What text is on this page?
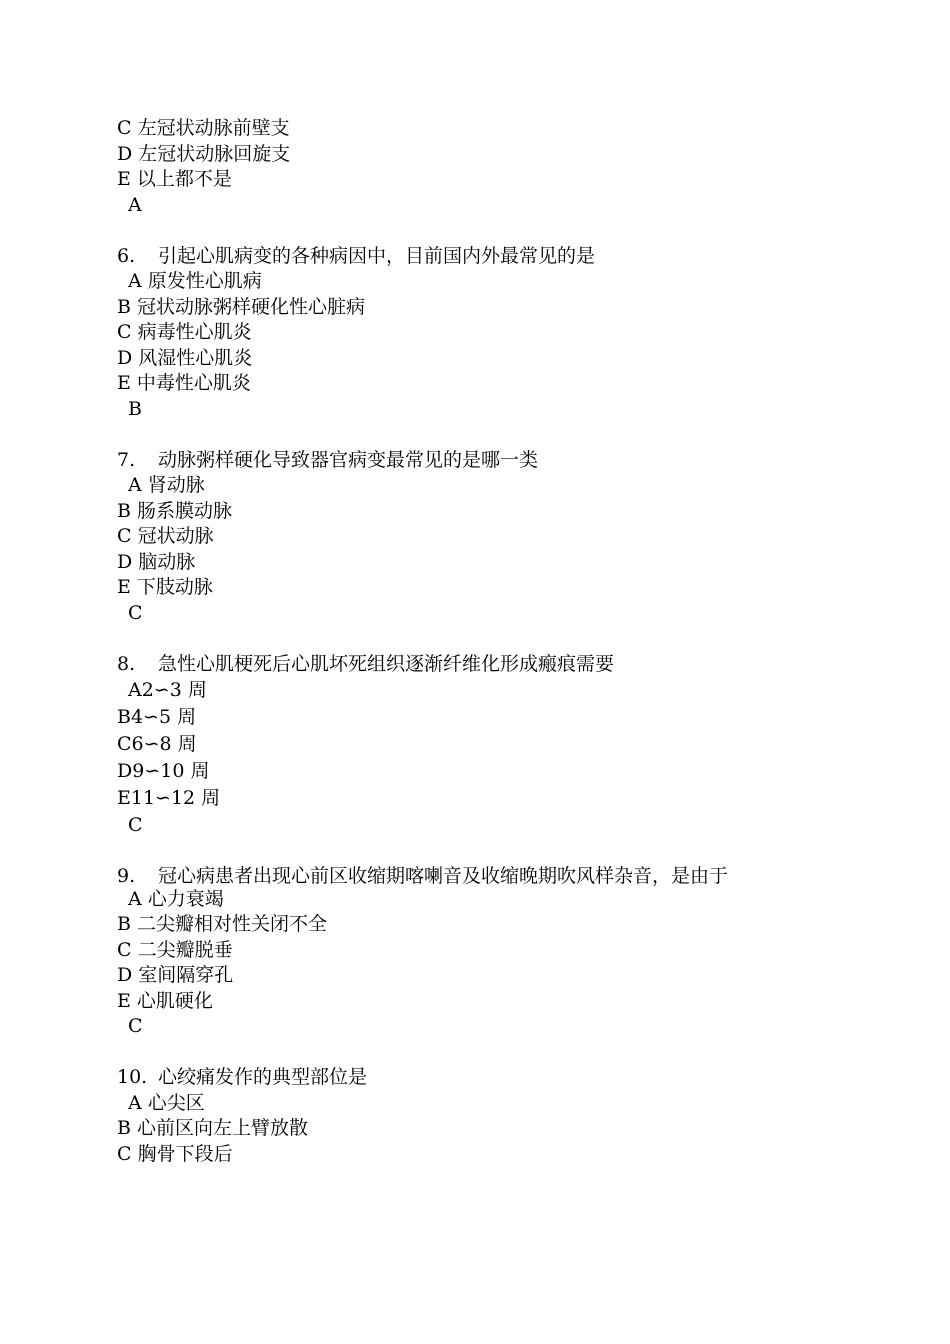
C 左冠状动脉前壁支
D 左冠状动脉回旋支
E 以上都不是
A
6. 引起心肌病变的各种病因中，目前国内外最常见的是
A 原发性心肌病
B 冠状动脉粥样硬化性心脏病
C 病毒性心肌炎
D 风湿性心肌炎
E 中毒性心肌炎
B
7. 动脉粥样硬化导致器官病变最常见的是哪一类
A 肾动脉
B 肠系膜动脉
C 冠状动脉
D 脑动脉
E 下肢动脉
C
8. 急性心肌梗死后心肌坏死组织逐渐纤维化形成瘢痕需要
A2∽3 周
B4∽5 周
C6∽8 周
D9∽10 周
E11∽12 周
C
9. 冠心病患者出现心前区收缩期喀喇音及收缩晚期吹风样杂音，是由于
A 心力衰竭
B 二尖瓣相对性关闭不全
C 二尖瓣脱垂
D 室间隔穿孔
E 心肌硬化
C
10. 心绞痛发作的典型部位是
A 心尖区
B 心前区向左上臂放散
C 胸骨下段后
